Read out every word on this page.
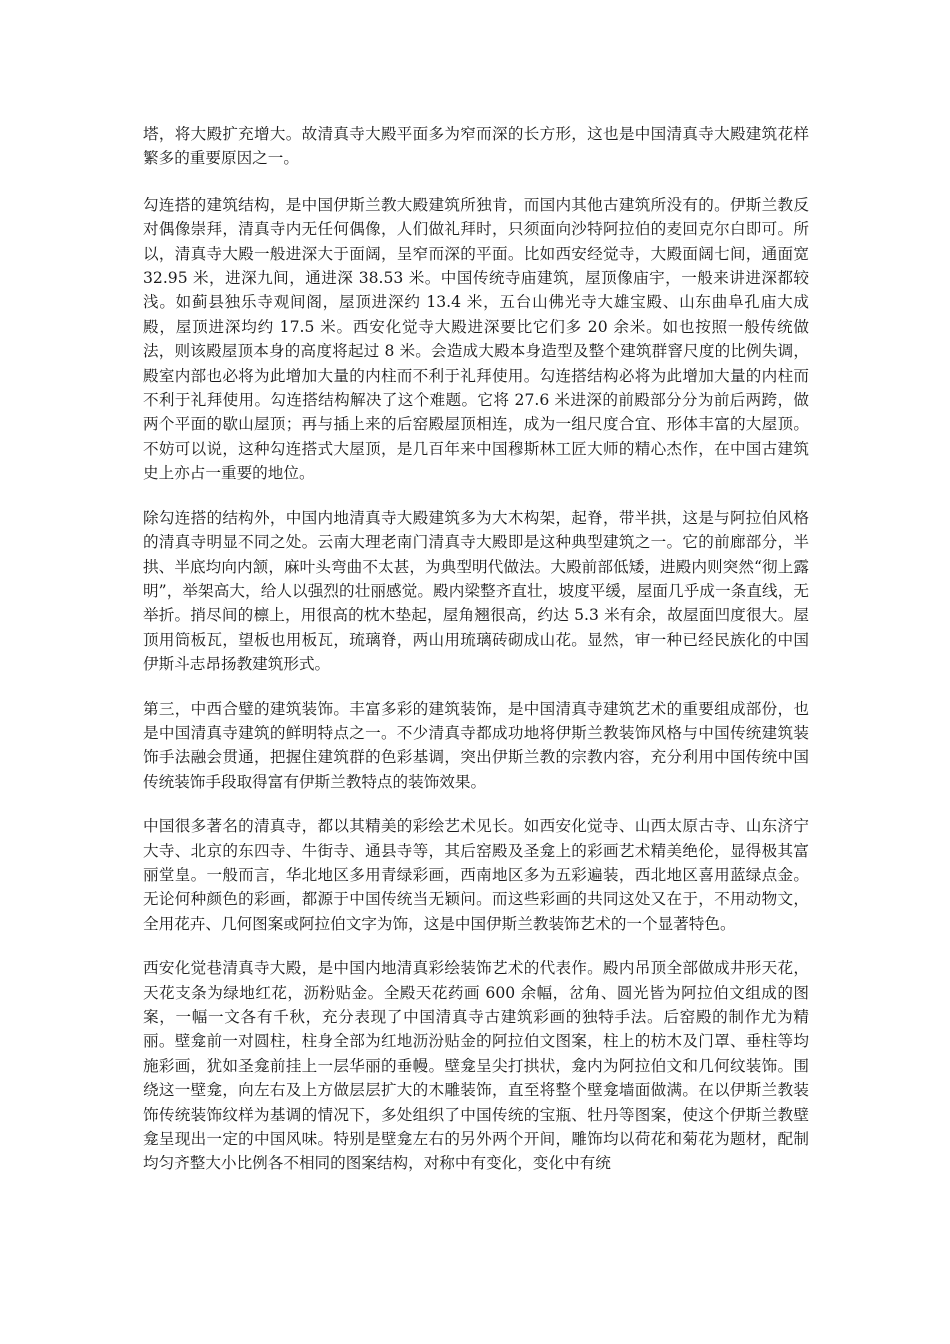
塔，将大殿扩充增大。故清真寺大殿平面多为窄而深的长方形，这也是中国清真寺大殿建筑花样繁多的重要原因之一。

勾连搭的建筑结构，是中国伊斯兰教大殿建筑所独肯，而国内其他古建筑所没有的。伊斯兰教反对偶像崇拜，清真寺内无任何偶像，人们做礼拜时，只须面向沙特阿拉伯的麦回克尔白即可。所以，清真寺大殿一般进深大于面阔，呈窄而深的平面。比如西安经觉寺，大殿面阔七间，通面宽 32.95 米，进深九间，通进深 38.53 米。中国传统寺庙建筑，屋顶像庙宇，一般来讲进深都较浅。如蓟县独乐寺观间阁，屋顶进深约 13.4 米，五台山佛光寺大雄宝殿、山东曲阜孔庙大成殿，屋顶进深均约 17.5 米。西安化觉寺大殿进深要比它们多 20 余米。如也按照一般传统做法，则该殿屋顶本身的高度将起过 8 米。会造成大殿本身造型及整个建筑群窨尺度的比例失调，殿室内部也必将为此增加大量的内柱而不利于礼拜使用。勾连搭结构必将为此增加大量的内柱而不利于礼拜使用。勾连搭结构解决了这个难题。它将 27.6 米进深的前殿部分分为前后两跨，做两个平面的歇山屋顶；再与插上来的后窑殿屋顶相连，成为一组尺度合宜、形体丰富的大屋顶。不妨可以说，这种勾连搭式大屋顶，是几百年来中国穆斯林工匠大师的精心杰作，在中国古建筑史上亦占一重要的地位。

除勾连搭的结构外，中国内地清真寺大殿建筑多为大木构架，起脊，带半拱，这是与阿拉伯风格的清真寺明显不同之处。云南大理老南门清真寺大殿即是这种典型建筑之一。它的前廊部分，半拱、半底均向内颔，麻叶头弯曲不太甚，为典型明代做法。大殿前部低矮，进殿内则突然“彻上露明”，举架高大，给人以强烈的壮丽感觉。殿内梁整齐直壮，坡度平缓，屋面几乎成一条直线，无举折。捎尽间的檩上，用很高的枕木垫起，屋角翘很高，约达 5.3 米有余，故屋面凹度很大。屋顶用筒板瓦，望板也用板瓦，琉璃脊，两山用琉璃砖砌成山花。显然，审一种已经民族化的中国伊斯斗志昂扬教建筑形式。

第三，中西合璧的建筑装饰。丰富多彩的建筑装饰，是中国清真寺建筑艺术的重要组成部份，也是中国清真寺建筑的鲜明特点之一。不少清真寺都成功地将伊斯兰教装饰风格与中国传统建筑装饰手法融会贯通，把握住建筑群的色彩基调，突出伊斯兰教的宗教内容，充分利用中国传统中国传统装饰手段取得富有伊斯兰教特点的装饰效果。

中国很多著名的清真寺，都以其精美的彩绘艺术见长。如西安化觉寺、山西太原古寺、山东济宁大寺、北京的东四寺、牛街寺、通县寺等，其后窑殿及圣龛上的彩画艺术精美绝伦，显得极其富丽堂皇。一般而言，华北地区多用青绿彩画，西南地区多为五彩遍装，西北地区喜用蓝绿点金。无论何种颜色的彩画，都源于中国传统当无颖问。而这些彩画的共同这处又在于，不用动物文，全用花卉、几何图案或阿拉伯文字为饰，这是中国伊斯兰教装饰艺术的一个显著特色。

西安化觉巷清真寺大殿，是中国内地清真彩绘装饰艺术的代表作。殿内吊顶全部做成井形天花，天花支条为绿地红花，沥粉贴金。全殿天花药画 600 余幅，岔角、圆光皆为阿拉伯文组成的图案，一幅一文各有千秋，充分表现了中国清真寺古建筑彩画的独特手法。后窑殿的制作尤为精丽。壁龛前一对圆柱，柱身全部为红地沥汾贴金的阿拉伯文图案，柱上的枋木及门罩、垂柱等均施彩画，犹如圣龛前挂上一层华丽的垂幔。壁龛呈尖打拱状，龛内为阿拉伯文和几何纹装饰。围绕这一壁龛，向左右及上方做层层扩大的木雕装饰，直至将整个壁龛墙面做满。在以伊斯兰教装饰传统装饰纹样为基调的情况下，多处组织了中国传统的宝瓶、牡丹等图案，使这个伊斯兰教壁龛呈现出一定的中国风味。特别是壁龛左右的另外两个开间，雕饰均以荷花和菊花为题材，配制均匀齐整大小比例各不相同的图案结构，对称中有变化，变化中有统
